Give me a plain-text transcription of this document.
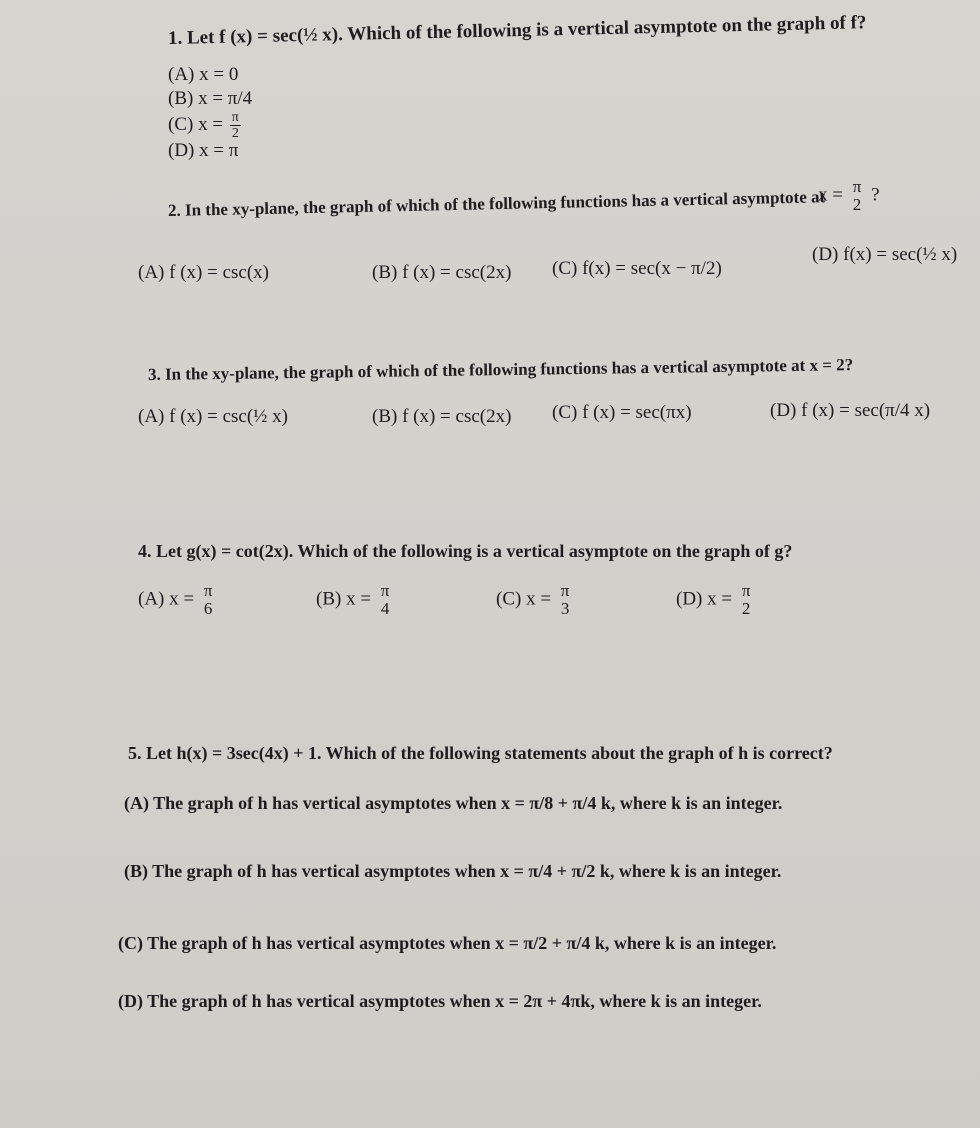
1. Let f (x) = sec(½ x). Which of the following is a vertical asymptote on the graph of f?
(A) x = 0
(B) x = π/4
(C) $x = \frac{\pi}{2}$
(D) x = π
2. In the xy-plane, the graph of which of the following functions has a vertical asymptote at
x = π
2 ?
(A) f (x) = csc(x)	(B) f (x) = csc(2x) (C) f(x) = sec(x − π/2)
(D) f(x) = sec(½ x)
3. In the xy-plane, the graph of which of the following functions has a vertical asymptote at x = 2?
(A) f (x) = csc(½ x)	(B) f (x) = csc(2x) (C) f (x) = sec(πx)	(D) f (x) = sec(π/4 x)
4. Let g(x) = cot(2x). Which of the following is a vertical asymptote on the graph of g?
(A) x = π
6	(B) x = π
4	(C) x = π
3	(D) x = π
2
5. Let h(x) = 3sec(4x) + 1. Which of the following statements about the graph of h is correct?
(A) The graph of h has vertical asymptotes when x = π/8 + π/4 k, where k is an integer.
(B) The graph of h has vertical asymptotes when x = π/4 + π/2 k, where k is an integer.
(C) The graph of h has vertical asymptotes when x = π/2 + π/4 k, where k is an integer.
(D) The graph of h has vertical asymptotes when x = 2π + 4πk, where k is an integer.
